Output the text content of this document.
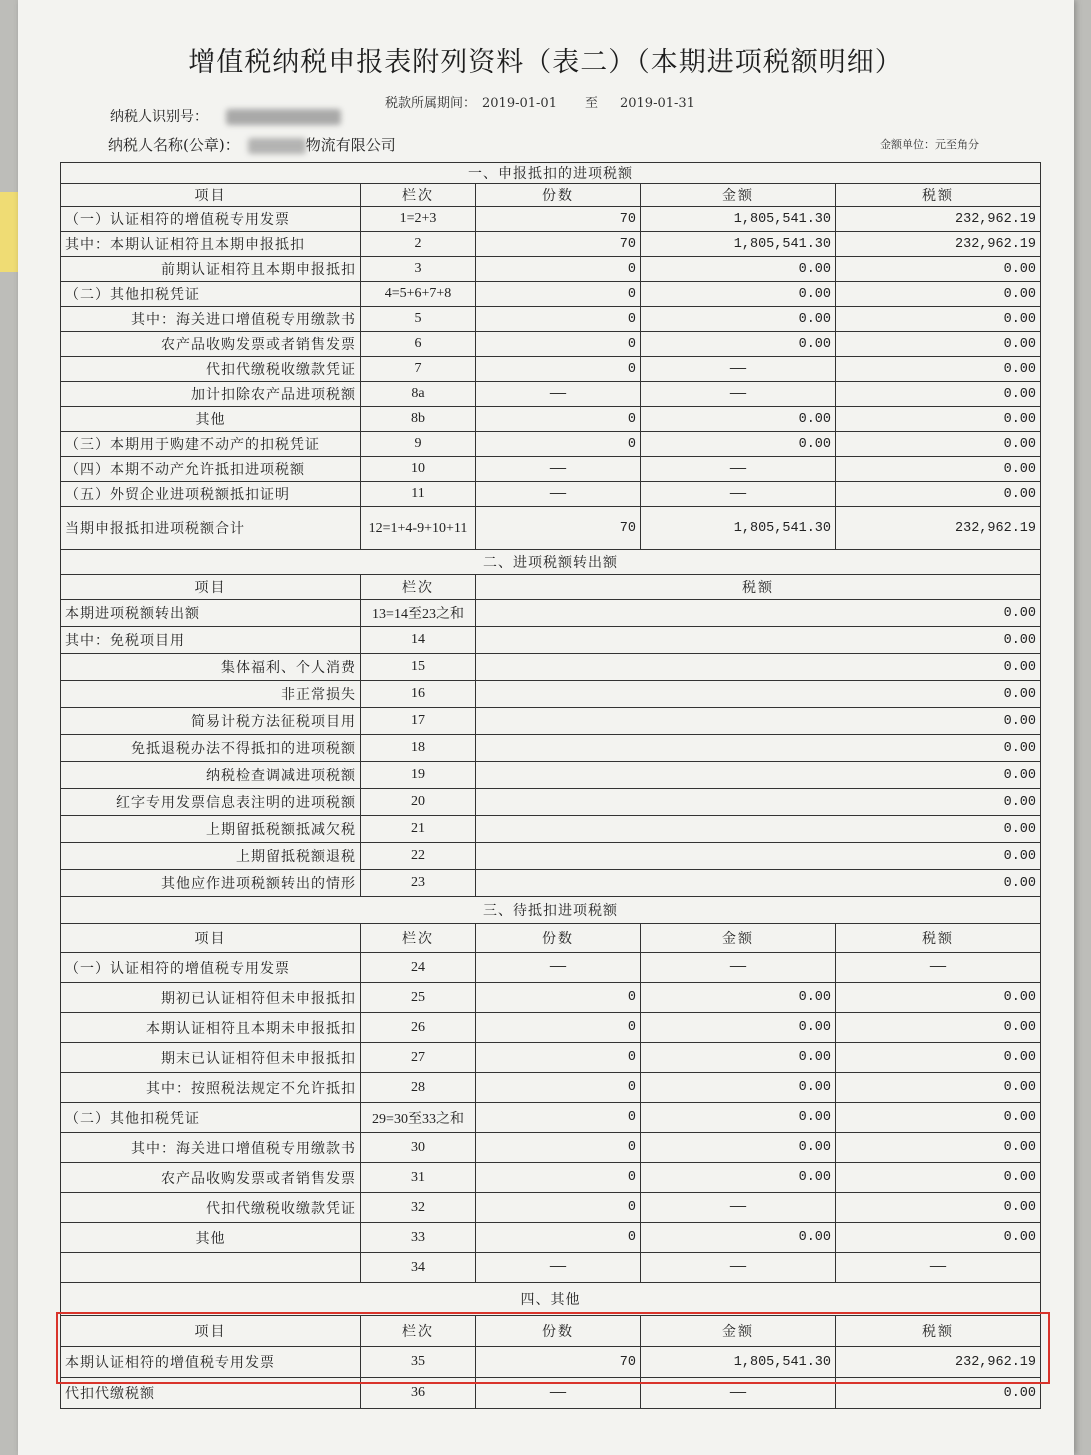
增值税纳税申报表附列资料（表二）（本期进项税额明细）
税款所属期间： 2019-01-01 至 2019-01-31
纳税人识别号：
纳税人名称(公章)：	物流有限公司	金额单位：元至角分
一、申报抵扣的进项税额				
项目	栏次	份数	金额	税额
（一）认证相符的增值税专用发票	1=2+3	70	1,805,541.30	232,962.19
其中：本期认证相符且本期申报抵扣	2	70	1,805,541.30	232,962.19
前期认证相符且本期申报抵扣	3	0	0.00	0.00
（二）其他扣税凭证	4=5+6+7+8	0	0.00	0.00
其中：海关进口增值税专用缴款书	5	0	0.00	0.00
农产品收购发票或者销售发票	6	0	0.00	0.00
代扣代缴税收缴款凭证	7	0	——	0.00
加计扣除农产品进项税额	8a	——	——	0.00
其他	8b	0	0.00	0.00
（三）本期用于购建不动产的扣税凭证	9	0	0.00	0.00
（四）本期不动产允许抵扣进项税额	10	——	——	0.00
（五）外贸企业进项税额抵扣证明	11	——	——	0.00
当期申报抵扣进项税额合计	12=1+4-9+10+11	70	1,805,541.30	232,962.19
二、进项税额转出额				
项目	栏次	税额		
本期进项税额转出额	13=14至23之和	0.00		
其中：免税项目用	14	0.00		
集体福利、个人消费	15	0.00		
非正常损失	16	0.00		
简易计税方法征税项目用	17	0.00		
免抵退税办法不得抵扣的进项税额	18	0.00		
纳税检查调减进项税额	19	0.00		
红字专用发票信息表注明的进项税额	20	0.00		
上期留抵税额抵减欠税	21	0.00		
上期留抵税额退税	22	0.00		
其他应作进项税额转出的情形	23	0.00		
三、待抵扣进项税额				
项目	栏次	份数	金额	税额
（一）认证相符的增值税专用发票	24	——	——	——
期初已认证相符但未申报抵扣	25	0	0.00	0.00
本期认证相符且本期未申报抵扣	26	0	0.00	0.00
期末已认证相符但未申报抵扣	27	0	0.00	0.00
其中：按照税法规定不允许抵扣	28	0	0.00	0.00
（二）其他扣税凭证	29=30至33之和	0	0.00	0.00
其中：海关进口增值税专用缴款书	30	0	0.00	0.00
农产品收购发票或者销售发票	31	0	0.00	0.00
代扣代缴税收缴款凭证	32	0	——	0.00
其他	33	0	0.00	0.00
	34	——	——	——
四、其他				
项目	栏次	份数	金额	税额
本期认证相符的增值税专用发票	35	70	1,805,541.30	232,962.19
代扣代缴税额	36	——	——	0.00
